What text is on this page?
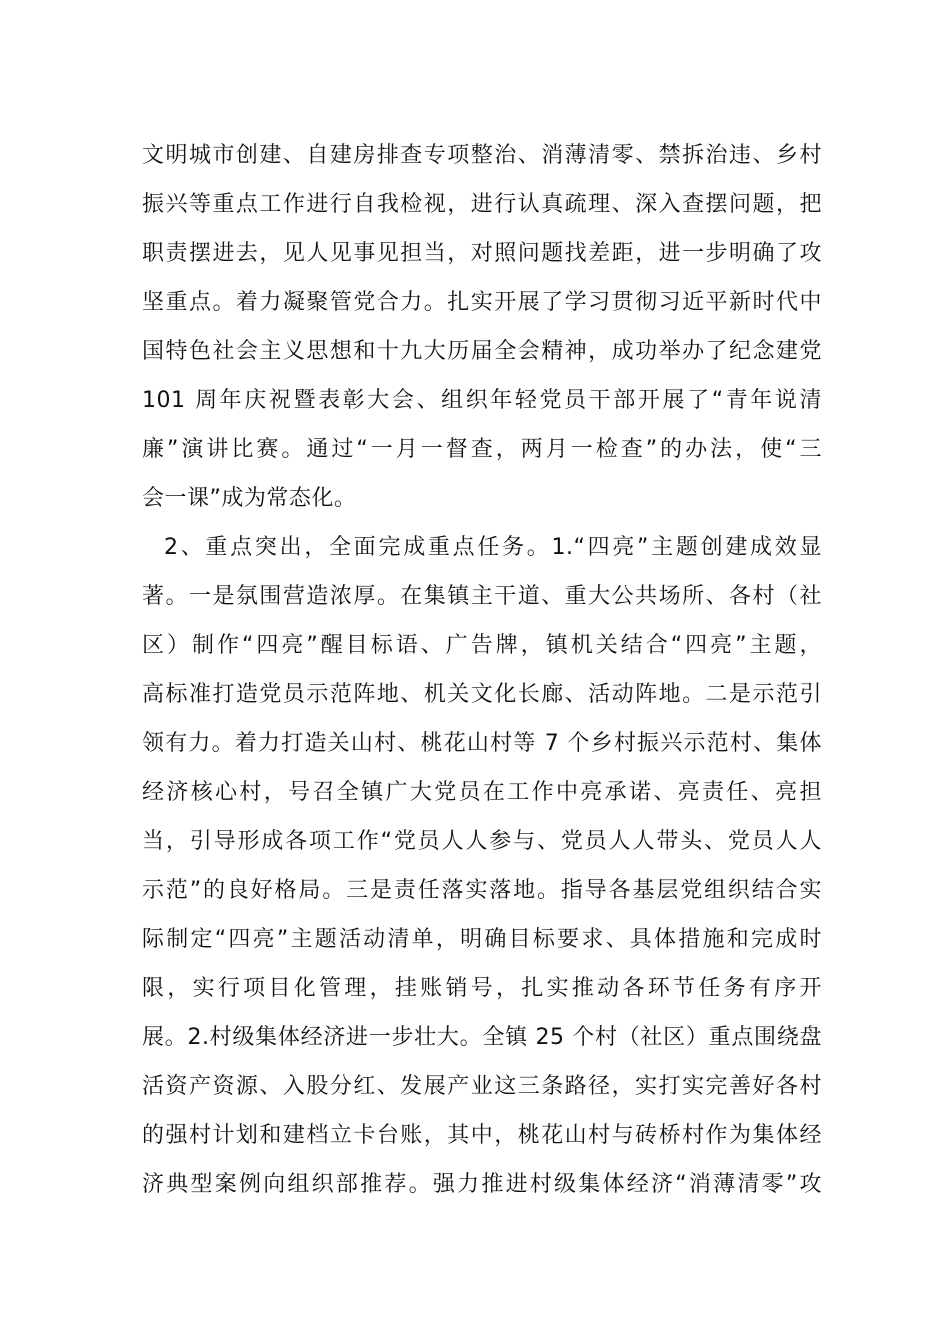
文明城市创建、自建房排查专项整治、消薄清零、禁拆治违、乡村
振兴等重点工作进行自我检视，进行认真疏理、深入查摆问题，把
职责摆进去，见人见事见担当，对照问题找差距，进一步明确了攻
坚重点。着力凝聚管党合力。扎实开展了学习贯彻习近平新时代中
国特色社会主义思想和十九大历届全会精神，成功举办了纪念建党
101 周年庆祝暨表彰大会、组织年轻党员干部开展了“青年说清
廉”演讲比赛。通过“一月一督查，两月一检查”的办法，使“三
会一课”成为常态化。
2、重点突出，全面完成重点任务。1.“四亮”主题创建成效显
著。一是氛围营造浓厚。在集镇主干道、重大公共场所、各村（社
区）制作“四亮”醒目标语、广告牌，镇机关结合“四亮”主题，
高标准打造党员示范阵地、机关文化长廊、活动阵地。二是示范引
领有力。着力打造关山村、桃花山村等 7 个乡村振兴示范村、集体
经济核心村，号召全镇广大党员在工作中亮承诺、亮责任、亮担
当，引导形成各项工作“党员人人参与、党员人人带头、党员人人
示范”的良好格局。三是责任落实落地。指导各基层党组织结合实
际制定“四亮”主题活动清单，明确目标要求、具体措施和完成时
限，实行项目化管理，挂账销号，扎实推动各环节任务有序开
展。2.村级集体经济进一步壮大。全镇 25 个村（社区）重点围绕盘
活资产资源、入股分红、发展产业这三条路径，实打实完善好各村
的强村计划和建档立卡台账，其中，桃花山村与砖桥村作为集体经
济典型案例向组织部推荐。强力推进村级集体经济“消薄清零”攻
